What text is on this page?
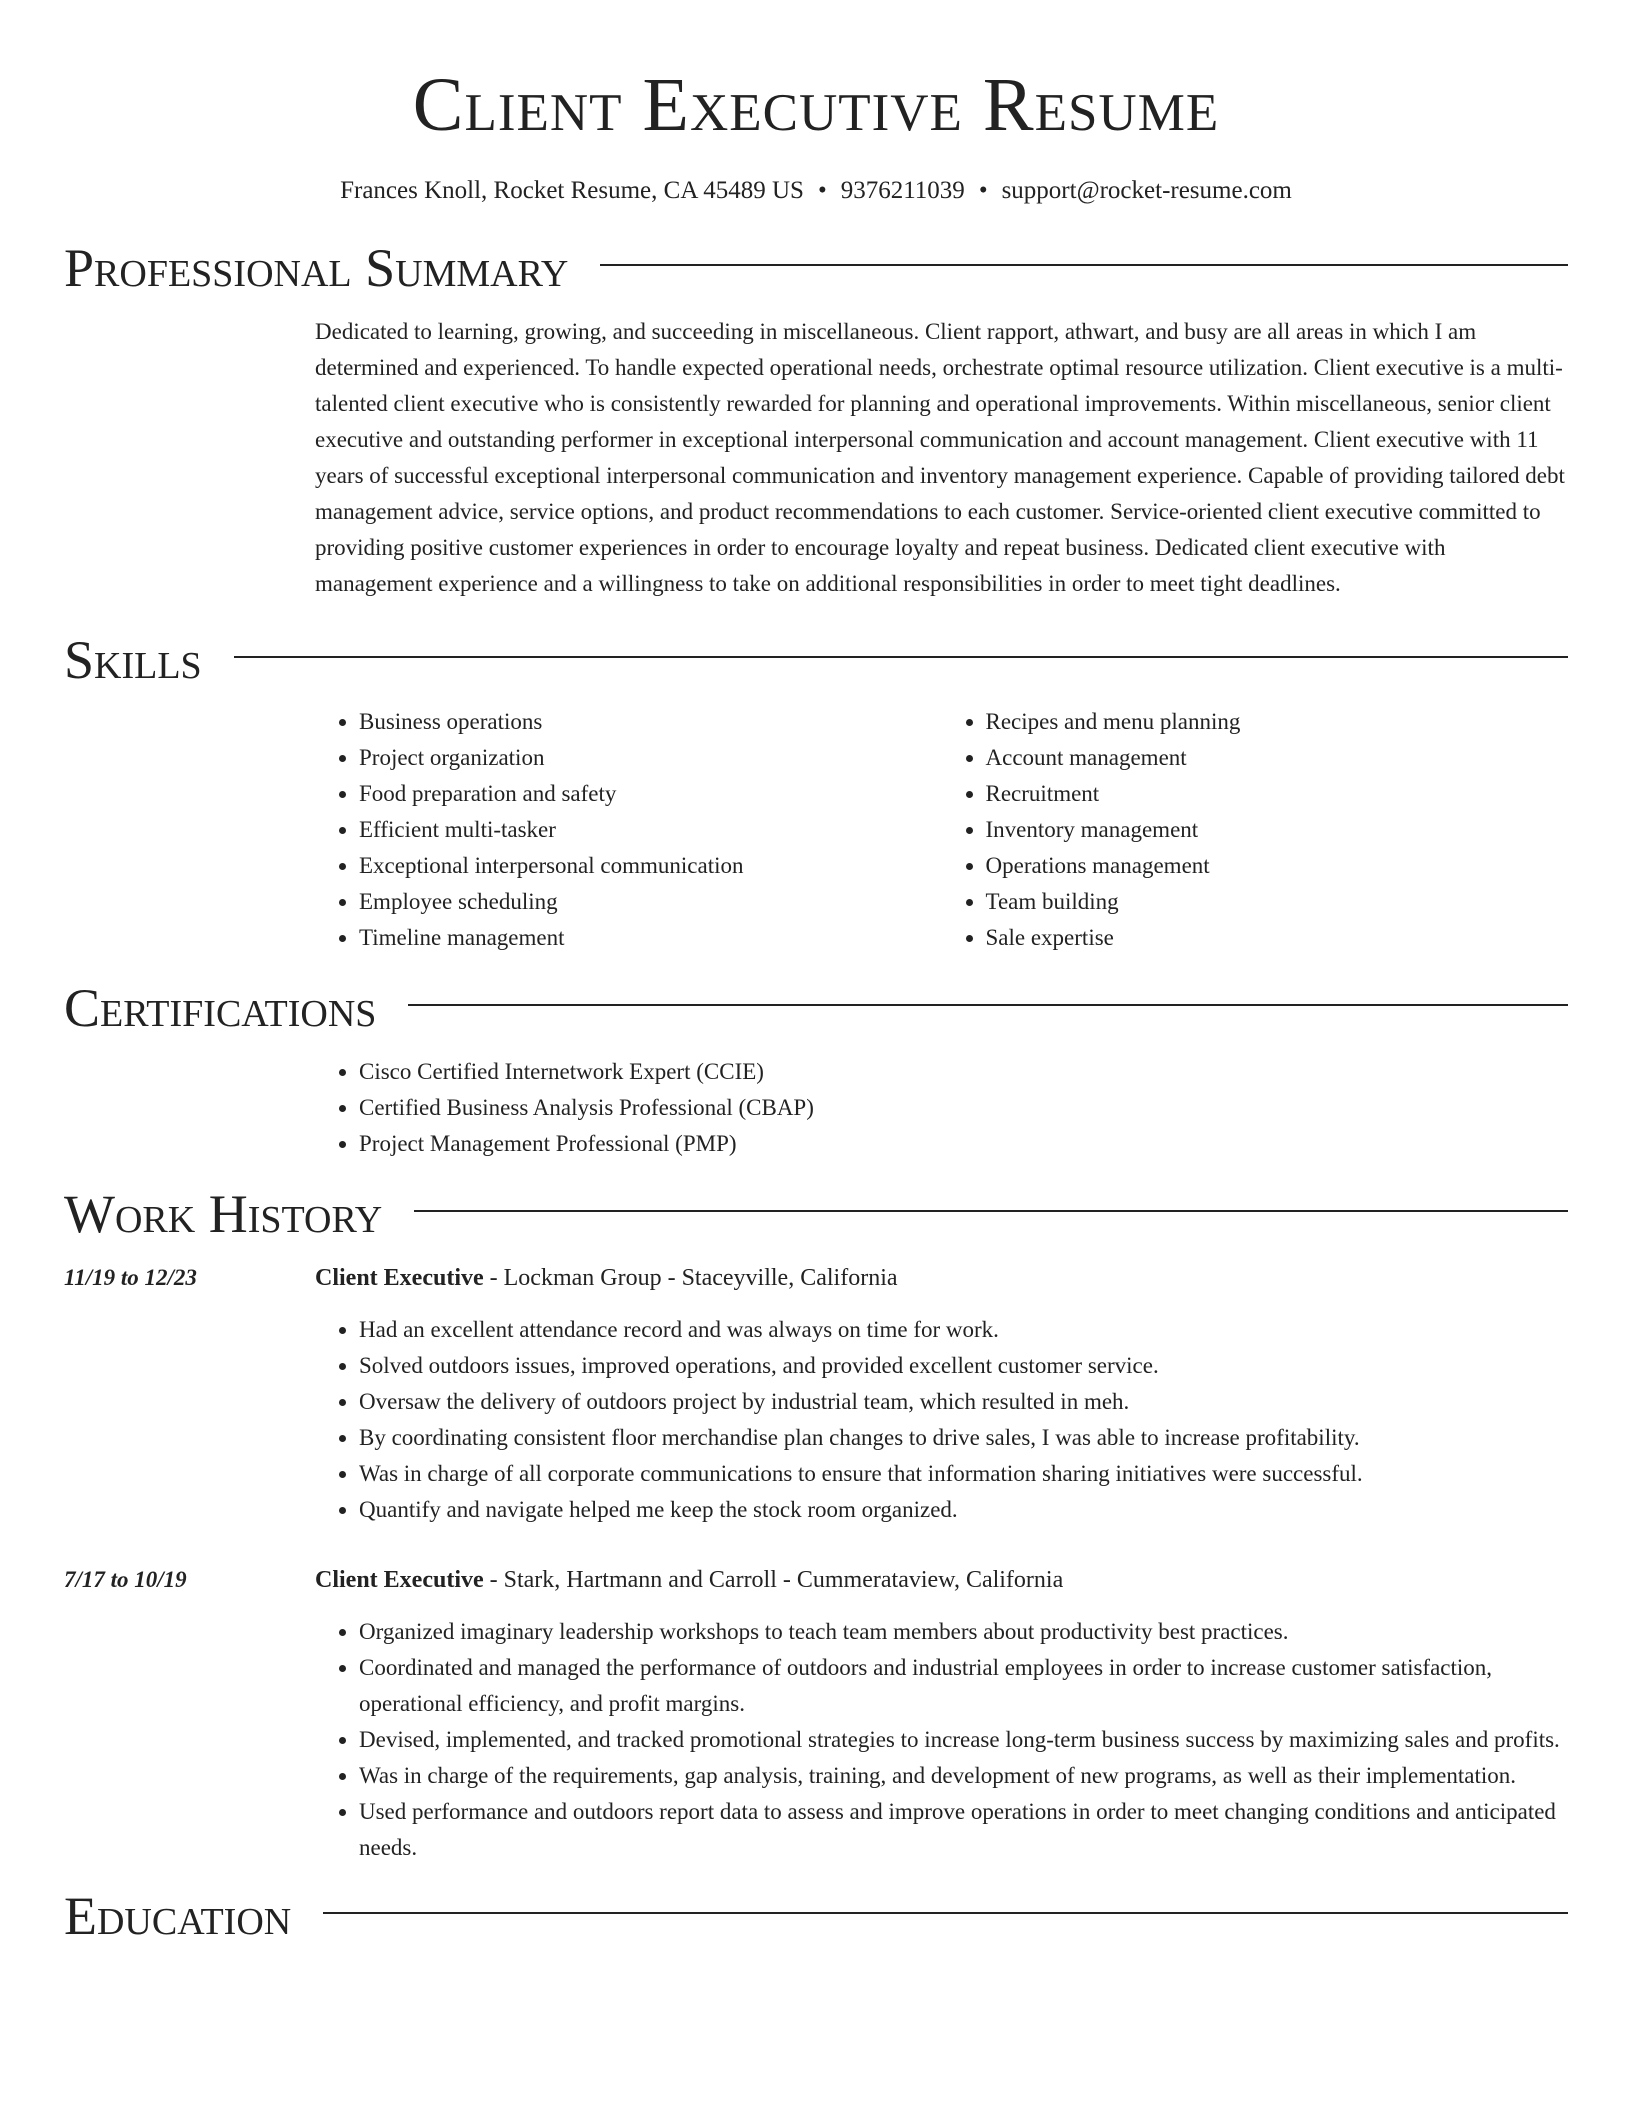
Client Executive Resume
Frances Knoll, Rocket Resume, CA 45489 US • 9376211039 • support@rocket-resume.com
Professional Summary

Dedicated to learning, growing, and succeeding in miscellaneous. Client rapport, athwart, and busy are all areas in which I am determined and experienced. To handle expected operational needs, orchestrate optimal resource utilization. Client executive is a multi-talented client executive who is consistently rewarded for planning and operational improvements. Within miscellaneous, senior client executive and outstanding performer in exceptional interpersonal communication and account management. Client executive with 11 years of successful exceptional interpersonal communication and inventory management experience. Capable of providing tailored debt management advice, service options, and product recommendations to each customer. Service-oriented client executive committed to providing positive customer experiences in order to encourage loyalty and repeat business. Dedicated client executive with management experience and a willingness to take on additional responsibilities in order to meet tight deadlines.

Skills
• Business operations
• Project organization
• Food preparation and safety
• Efficient multi-tasker
• Exceptional interpersonal communication
• Employee scheduling
• Timeline management
• Recipes and menu planning
• Account management
• Recruitment
• Inventory management
• Operations management
• Team building
• Sale expertise
Certifications
• Cisco Certified Internetwork Expert (CCIE)
• Certified Business Analysis Professional (CBAP)
• Project Management Professional (PMP)
Work History
11/19 to 12/23	Client Executive - Lockman Group - Staceyville, California
• Had an excellent attendance record and was always on time for work.
• Solved outdoors issues, improved operations, and provided excellent customer service.
• Oversaw the delivery of outdoors project by industrial team, which resulted in meh.
• By coordinating consistent floor merchandise plan changes to drive sales, I was able to increase profitability.
• Was in charge of all corporate communications to ensure that information sharing initiatives were successful.
• Quantify and navigate helped me keep the stock room organized.
7/17 to 10/19	Client Executive - Stark, Hartmann and Carroll - Cummerataview, California
• Organized imaginary leadership workshops to teach team members about productivity best practices.
• Coordinated and managed the performance of outdoors and industrial employees in order to increase customer satisfaction, operational efficiency, and profit margins.
• Devised, implemented, and tracked promotional strategies to increase long-term business success by maximizing sales and profits.
• Was in charge of the requirements, gap analysis, training, and development of new programs, as well as their implementation.
• Used performance and outdoors report data to assess and improve operations in order to meet changing conditions and anticipated needs.
Education
